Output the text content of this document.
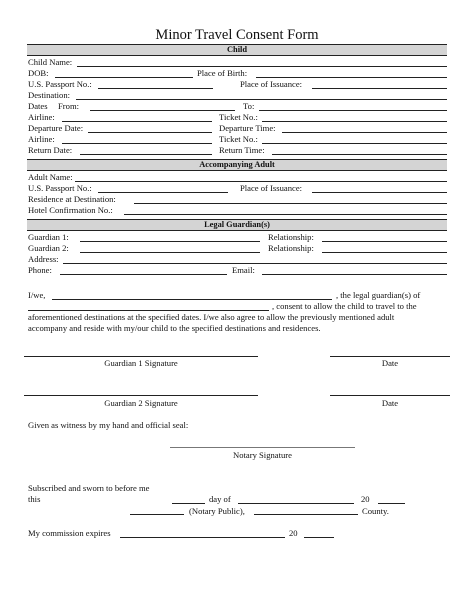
Minor Travel Consent Form
Child
Child Name:
DOB:	Place of Birth:
U.S. Passport No.:	Place of Issuance:
Destination:
Dates From:	To:
Airline:	Ticket No.:
Departure Date:	Departure Time:
Airline:	Ticket No.:
Return Date:	Return Time:
Accompanying Adult
Adult Name:
U.S. Passport No.:	Place of Issuance:
Residence at Destination:
Hotel Confirmation No.:
Legal Guardian(s)
Guardian 1:	Relationship:
Guardian 2:	Relationship:
Address:
Phone:	Email:
I/we,	, the legal guardian(s) of
, consent to allow the child to travel to the
aforementioned destinations at the specified dates. I/we also agree to allow the previously mentioned adult
accompany and reside with my/our child to the specified destinations and residences.
Guardian 1 Signature	Date
Guardian 2 Signature	Date
Given as witness by my hand and official seal:
Notary Signature
Subscribed and sworn to before me
this	day of	20
(Notary Public),	County.
My commission expires	20
